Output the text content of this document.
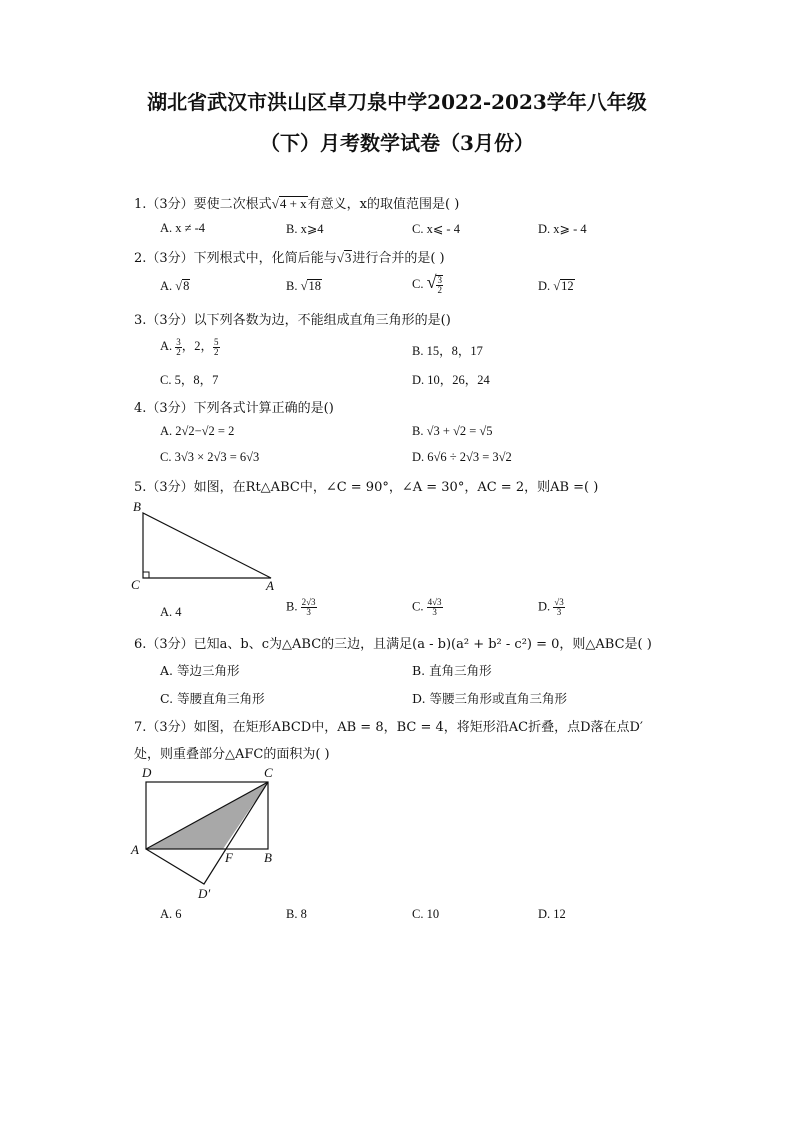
湖北省武汉市洪山区卓刀泉中学2022-2023学年八年级
（下）月考数学试卷（3月份）
1.（3分）要使二次根式 √ 4 + x有意义，x的取值范围是( )
A. x ≠ -4	B. x⩾4	C. x⩽ - 4	D. x⩾ - 4
2.（3分）下列根式中，化简后能与 √ 3进行合并的是( )
A. √ 8	B. √ 18	C. √ $\frac{3}{2}$	D. √ 12
3.（3分）以下列各数为边，不能组成直角三角形的是()
A. $\frac{3}{2}$ ，2， $\frac{5}{2}$	B. 15，8，17
C. 5，8，7	D. 10，26，24
4.（3分）下列各式计算正确的是()
A. 2√2−√2 = 2	B. √3 + √2 = √5
C. 3√3 × 2√3 = 6√3	D. 6√6 ÷ 2√3 = 3√2
5.（3分）如图，在Rt△ABC中，∠C = 90°，∠A = 30°，AC = 2，则AB =( )
B
C	A
A. 4	B. $\frac{2√3}{3}$	C. $\frac{4√3}{3}$	D. $\frac{√3}{3}$
6.（3分）已知a、b、c为△ABC的三边，且满足(a - b)(a² + b² - c²) = 0，则△ABC是( )
A. 等边三角形	B. 直角三角形
C. 等腰直角三角形	D. 等腰三角形或直角三角形
7.（3分）如图，在矩形ABCD中，AB = 8，BC = 4，将矩形沿AC折叠，点D落在点D′
处，则重叠部分△AFC的面积为( )
D	C
A
F B
D′
A. 6	B. 8	C. 10	D. 12
